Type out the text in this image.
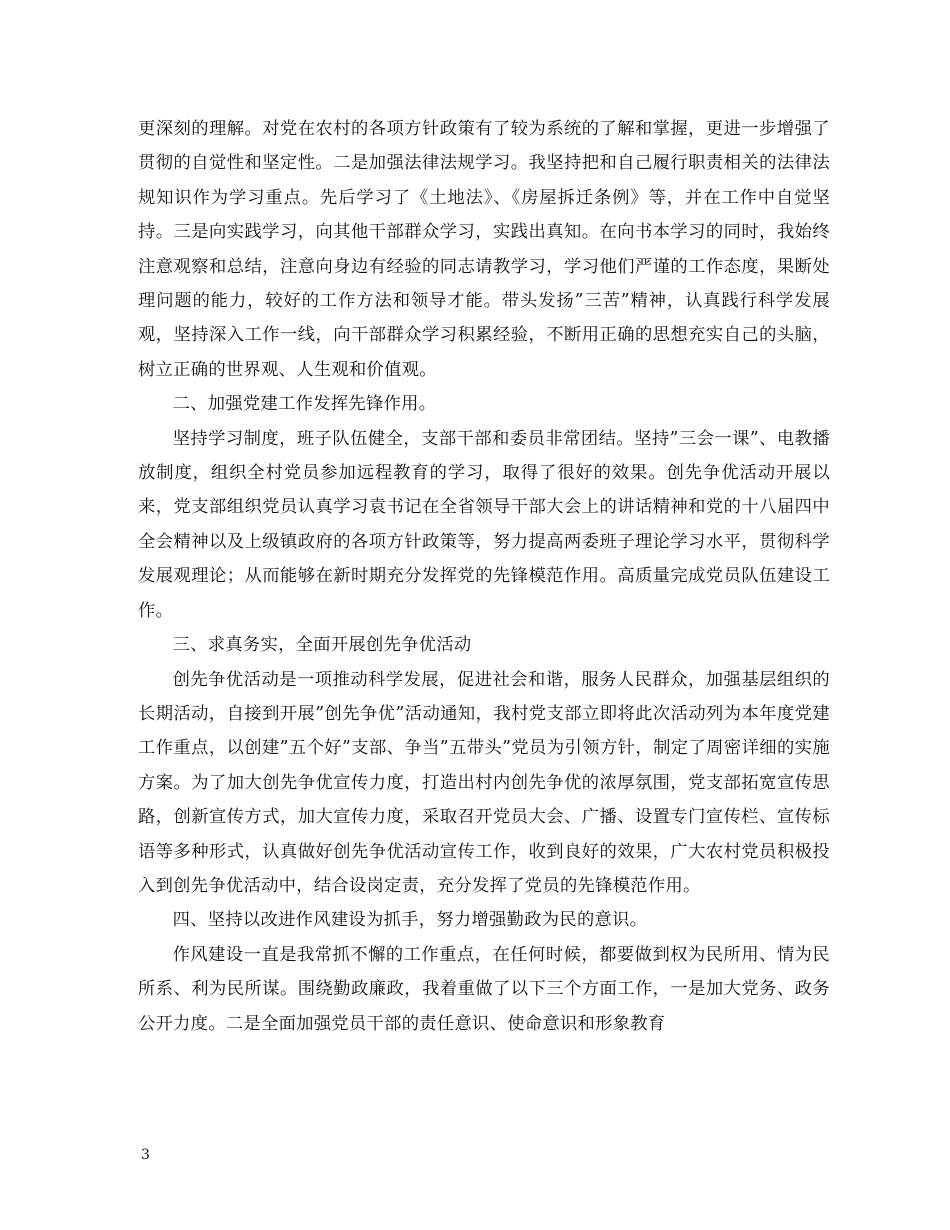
更深刻的理解。对党在农村的各项方针政策有了较为系统的了解和掌握，更进一步增强了贯彻的自觉性和坚定性。二是加强法律法规学习。我坚持把和自己履行职责相关的法律法规知识作为学习重点。先后学习了《土地法》、《房屋拆迁条例》等，并在工作中自觉坚持。三是向实践学习，向其他干部群众学习，实践出真知。在向书本学习的同时，我始终注意观察和总结，注意向身边有经验的同志请教学习，学习他们严谨的工作态度，果断处理问题的能力，较好的工作方法和领导才能。带头发扬”三苦”精神，认真践行科学发展观，坚持深入工作一线，向干部群众学习积累经验，不断用正确的思想充实自己的头脑，树立正确的世界观、人生观和价值观。

二、加强党建工作发挥先锋作用。

坚持学习制度，班子队伍健全，支部干部和委员非常团结。坚持”三会一课”、电教播放制度，组织全村党员参加远程教育的学习，取得了很好的效果。创先争优活动开展以来，党支部组织党员认真学习袁书记在全省领导干部大会上的讲话精神和党的十八届四中全会精神以及上级镇政府的各项方针政策等，努力提高两委班子理论学习水平，贯彻科学发展观理论；从而能够在新时期充分发挥党的先锋模范作用。高质量完成党员队伍建设工作。

三、求真务实，全面开展创先争优活动

创先争优活动是一项推动科学发展，促进社会和谐，服务人民群众，加强基层组织的长期活动，自接到开展”创先争优”活动通知，我村党支部立即将此次活动列为本年度党建工作重点，以创建”五个好”支部、争当”五带头”党员为引领方针，制定了周密详细的实施方案。为了加大创先争优宣传力度，打造出村内创先争优的浓厚氛围，党支部拓宽宣传思路，创新宣传方式，加大宣传力度，采取召开党员大会、广播、设置专门宣传栏、宣传标语等多种形式，认真做好创先争优活动宣传工作，收到良好的效果，广大农村党员积极投入到创先争优活动中，结合设岗定责，充分发挥了党员的先锋模范作用。

四、坚持以改进作风建设为抓手，努力增强勤政为民的意识。

作风建设一直是我常抓不懈的工作重点，在任何时候，都要做到权为民所用、情为民所系、利为民所谋。围绕勤政廉政，我着重做了以下三个方面工作，一是加大党务、政务公开力度。二是全面加强党员干部的责任意识、使命意识和形象教育

3
